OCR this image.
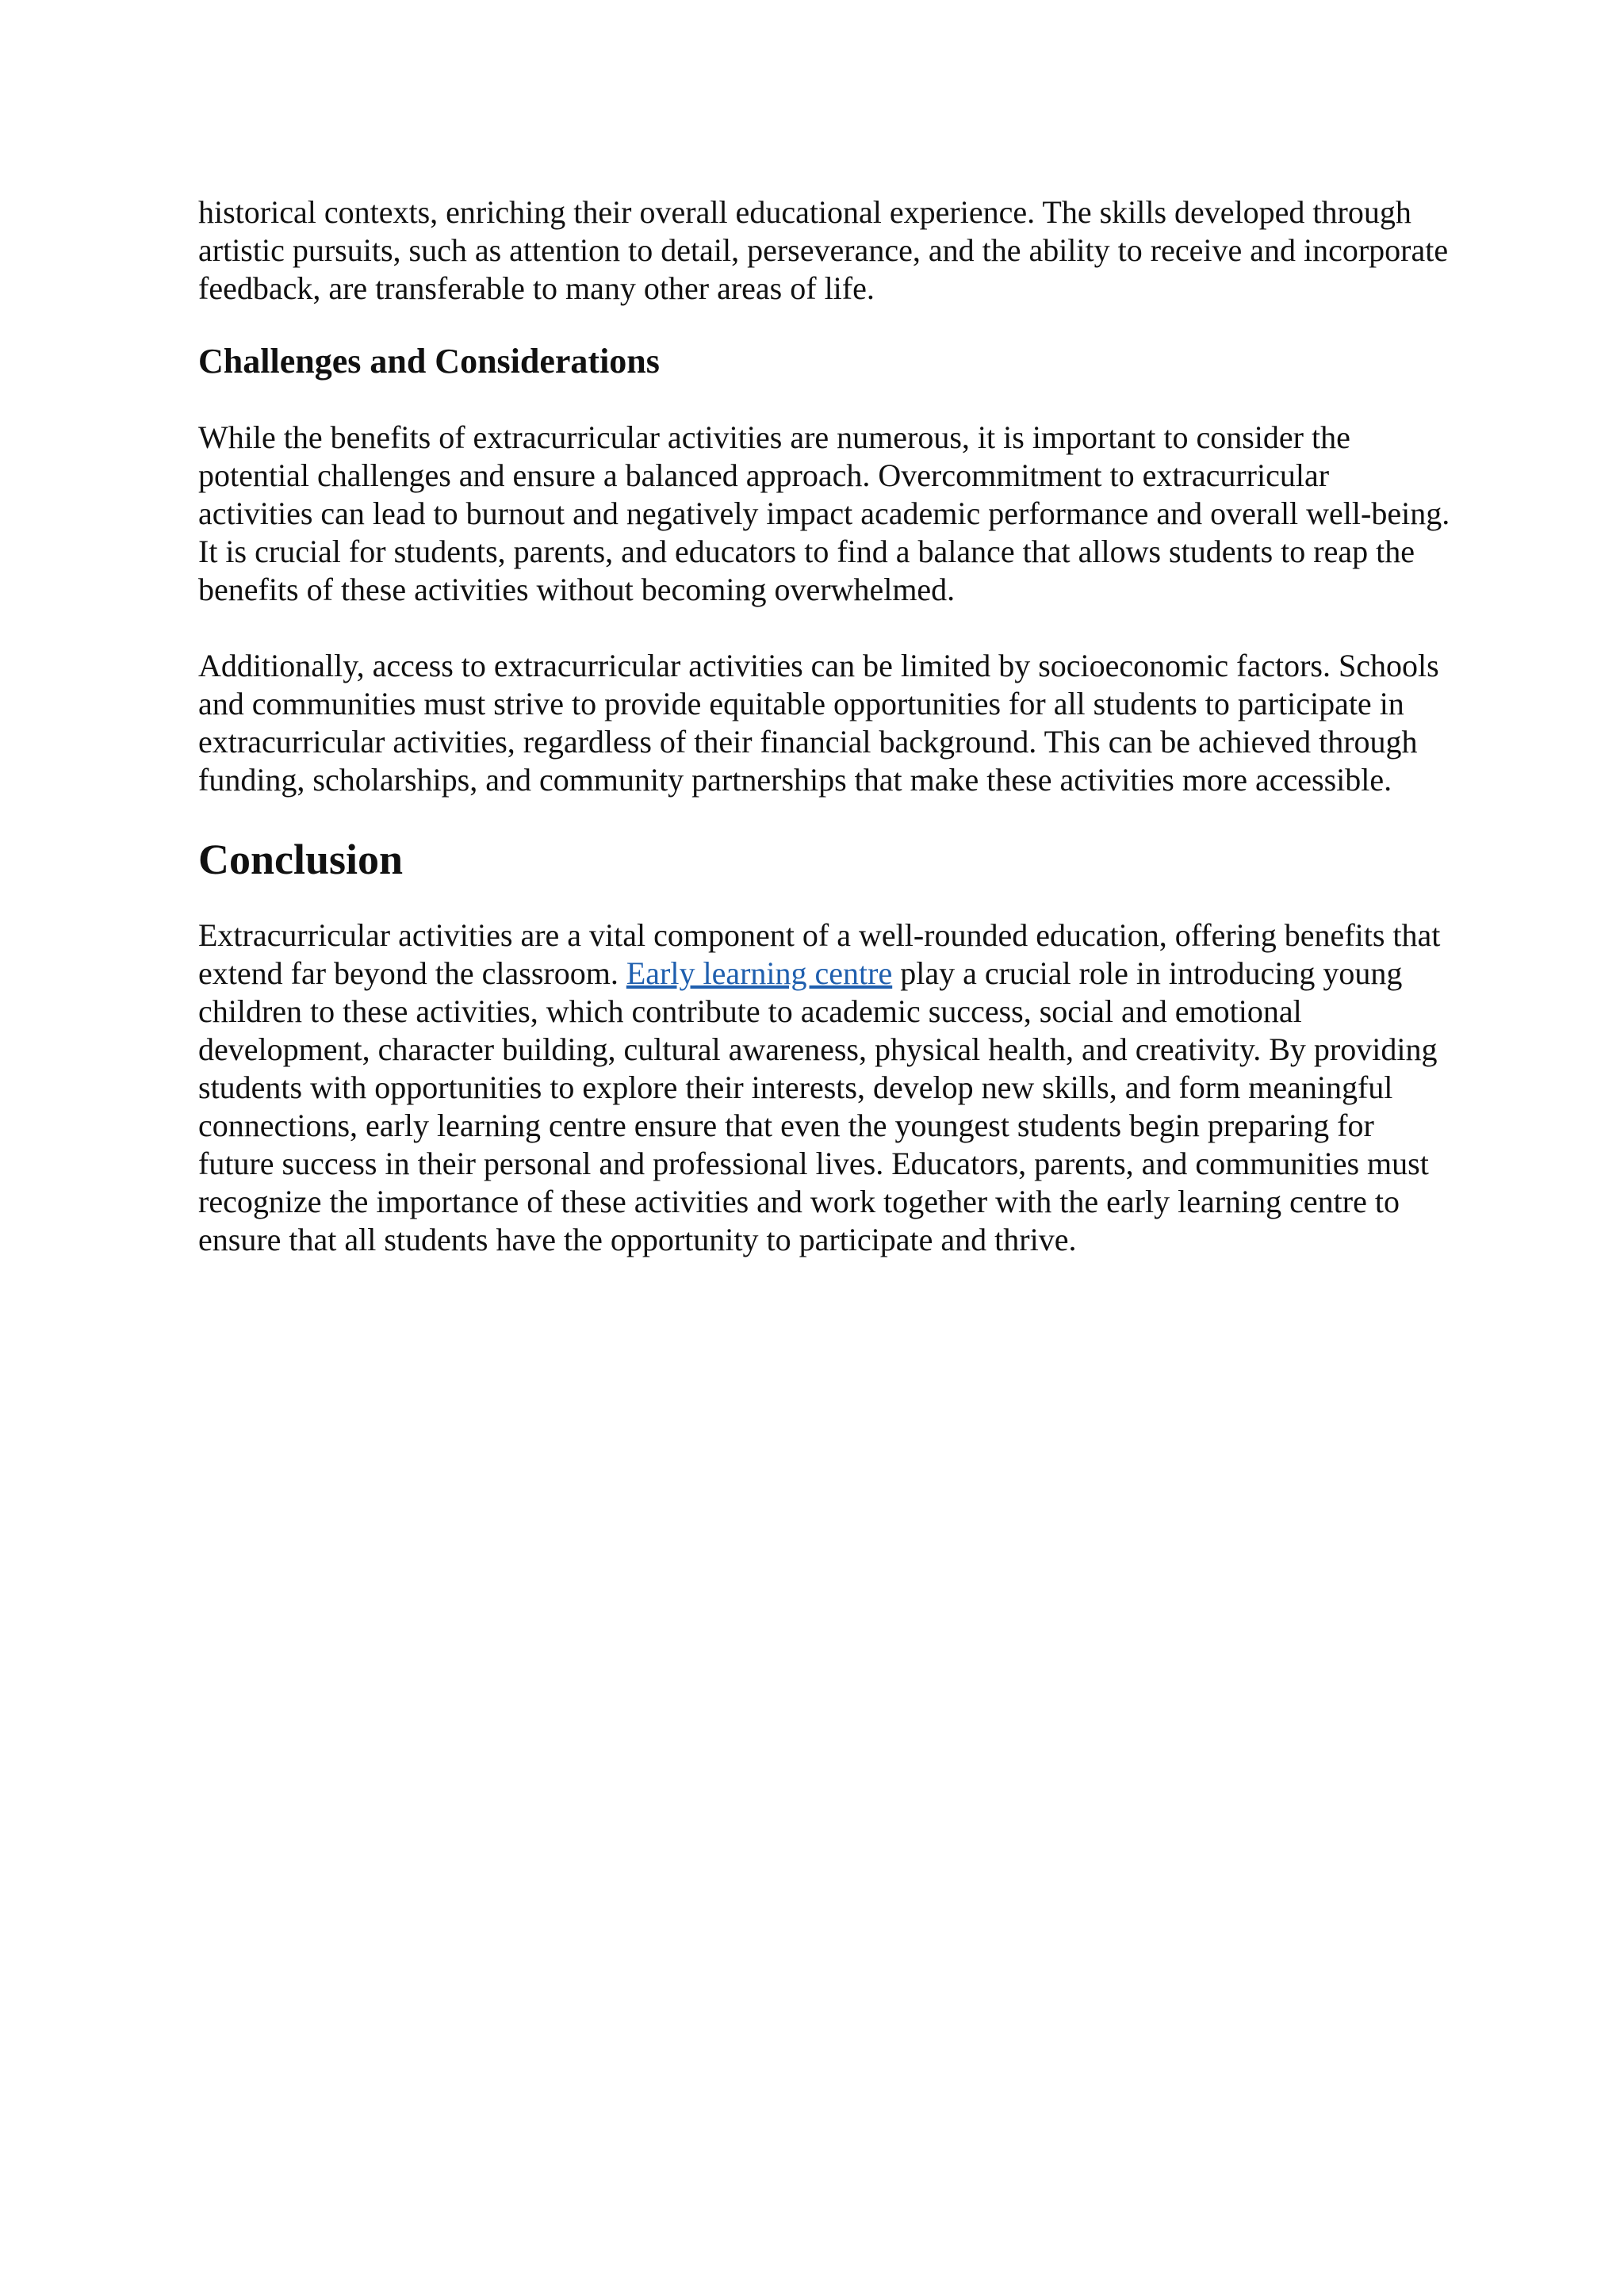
historical contexts, enriching their overall educational experience. The skills developed through artistic pursuits, such as attention to detail, perseverance, and the ability to receive and incorporate feedback, are transferable to many other areas of life.

Challenges and Considerations

While the benefits of extracurricular activities are numerous, it is important to consider the potential challenges and ensure a balanced approach. Overcommitment to extracurricular activities can lead to burnout and negatively impact academic performance and overall well-being. It is crucial for students, parents, and educators to find a balance that allows students to reap the benefits of these activities without becoming overwhelmed.

Additionally, access to extracurricular activities can be limited by socioeconomic factors. Schools and communities must strive to provide equitable opportunities for all students to participate in extracurricular activities, regardless of their financial background. This can be achieved through funding, scholarships, and community partnerships that make these activities more accessible.

Conclusion

Extracurricular activities are a vital component of a well-rounded education, offering benefits that extend far beyond the classroom. Early learning centre play a crucial role in introducing young children to these activities, which contribute to academic success, social and emotional development, character building, cultural awareness, physical health, and creativity. By providing students with opportunities to explore their interests, develop new skills, and form meaningful connections, early learning centre ensure that even the youngest students begin preparing for future success in their personal and professional lives. Educators, parents, and communities must recognize the importance of these activities and work together with the early learning centre to ensure that all students have the opportunity to participate and thrive.
